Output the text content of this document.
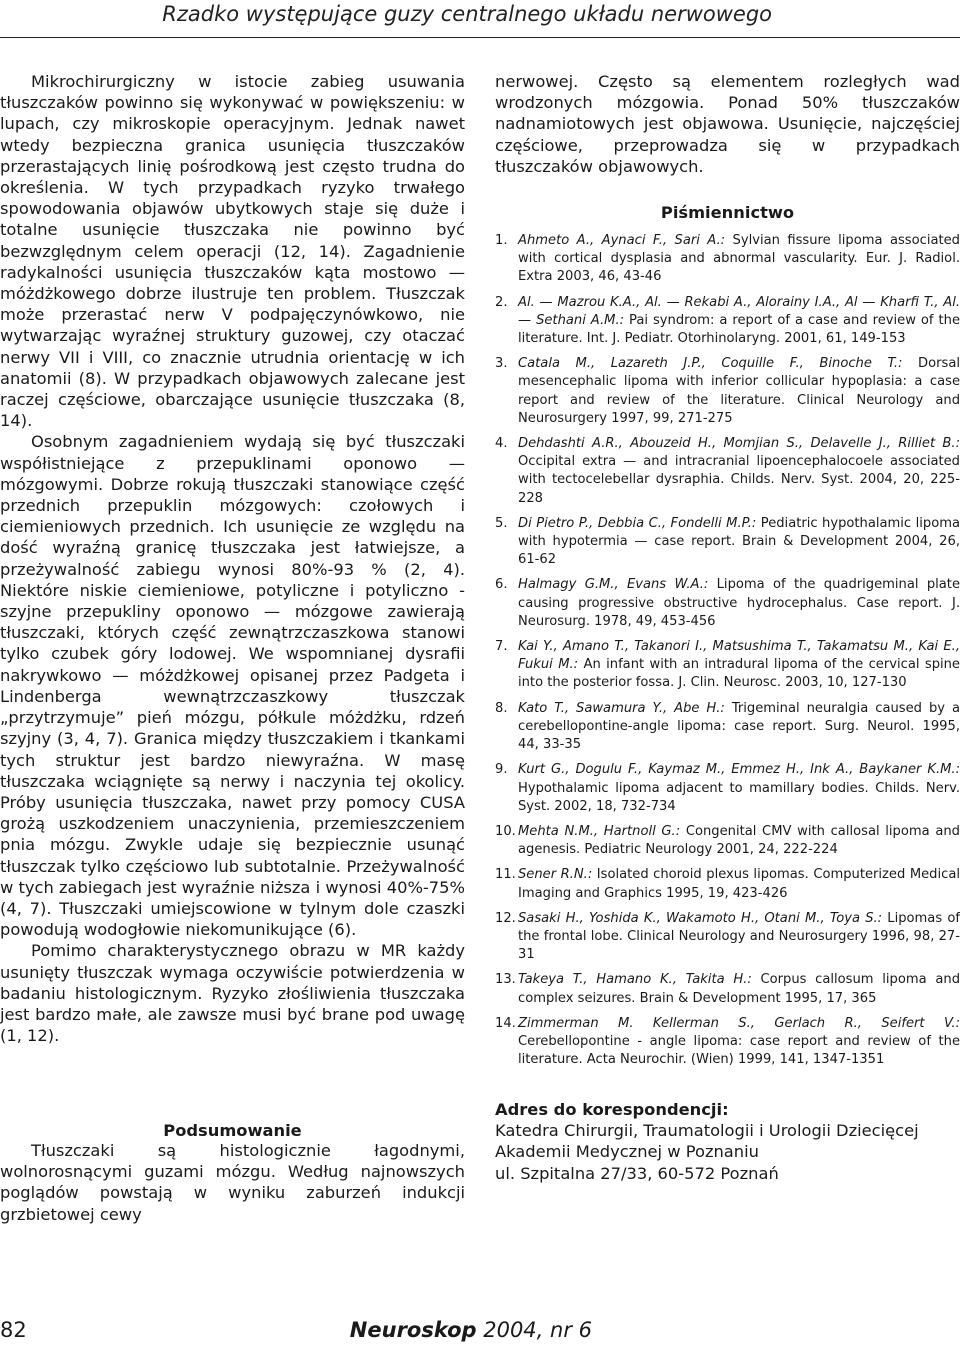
Rzadko występujące guzy centralnego układu nerwowego

Mikrochirurgiczny w istocie zabieg usuwania tłuszczaków powinno się wykonywać w powiększeniu: w lupach, czy mikroskopie operacyjnym. Jednak nawet wtedy bezpieczna granica usunięcia tłuszczaków przerastających linię pośrodkową jest często trudna do określenia. W tych przypadkach ryzyko trwałego spowodowania objawów ubytkowych staje się duże i totalne usunięcie tłuszczaka nie powinno być bezwzględnym celem operacji (12, 14). Zagadnienie radykalności usunięcia tłuszczaków kąta mostowo — móżdżkowego dobrze ilustruje ten problem. Tłuszczak może przerastać nerw V podpajęczynówkowo, nie wytwarzając wyraźnej struktury guzowej, czy otaczać nerwy VII i VIII, co znacznie utrudnia orientację w ich anatomii (8). W przypadkach objawowych zalecane jest raczej częściowe, obarczające usunięcie tłuszczaka (8, 14).

Osobnym zagadnieniem wydają się być tłuszczaki współistniejące z przepuklinami oponowo — mózgowymi. Dobrze rokują tłuszczaki stanowiące część przednich przepuklin mózgowych: czołowych i ciemieniowych przednich. Ich usunięcie ze względu na dość wyraźną granicę tłuszczaka jest łatwiejsze, a przeżywalność zabiegu wynosi 80%-93 % (2, 4). Niektóre niskie ciemieniowe, potyliczne i potyliczno - szyjne przepukliny oponowo — mózgowe zawierają tłuszczaki, których część zewnątrzczaszkowa stanowi tylko czubek góry lodowej. We wspomnianej dysrafii nakrywkowo — móżdżkowej opisanej przez Padgeta i Lindenberga wewnątrzczaszkowy tłuszczak „przytrzymuje” pień mózgu, półkule móżdżku, rdzeń szyjny (3, 4, 7). Granica między tłuszczakiem i tkankami tych struktur jest bardzo niewyraźna. W masę tłuszczaka wciągnięte są nerwy i naczynia tej okolicy. Próby usunięcia tłuszczaka, nawet przy pomocy CUSA grożą uszkodzeniem unaczynienia, przemieszczeniem pnia mózgu. Zwykle udaje się bezpiecznie usunąć tłuszczak tylko częściowo lub subtotalnie. Przeżywalność w tych zabiegach jest wyraźnie niższa i wynosi 40%-75% (4, 7). Tłuszczaki umiejscowione w tylnym dole czaszki powodują wodogłowie niekomunikujące (6).

Pomimo charakterystycznego obrazu w MR każdy usunięty tłuszczak wymaga oczywiście potwierdzenia w badaniu histologicznym. Ryzyko złośliwienia tłuszczaka jest bardzo małe, ale zawsze musi być brane pod uwagę (1, 12).

Podsumowanie

Tłuszczaki są histologicznie łagodnymi, wolnorosnącymi guzami mózgu. Według najnowszych poglądów powstają w wyniku zaburzeń indukcji grzbietowej cewy

nerwowej. Często są elementem rozległych wad wrodzonych mózgowia. Ponad 50% tłuszczaków nadnamiotowych jest objawowa. Usunięcie, najczęściej częściowe, przeprowadza się w przypadkach tłuszczaków objawowych.

Piśmiennictwo
1. Ahmeto A., Aynaci F., Sari A.: Sylvian fissure lipoma associated with cortical dysplasia and abnormal vascularity. Eur. J. Radiol. Extra 2003, 46, 43-46
2. Al. — Mazrou K.A., Al. — Rekabi A., Alorainy I.A., Al — Kharfi T., Al. — Sethani A.M.: Pai syndrom: a report of a case and review of the literature. Int. J. Pediatr. Otorhinolaryng. 2001, 61, 149-153
3. Catala M., Lazareth J.P., Coquille F., Binoche T.: Dorsal mesencephalic lipoma with inferior collicular hypoplasia: a case report and review of the literature. Clinical Neurology and Neurosurgery 1997, 99, 271-275
4. Dehdashti A.R., Abouzeid H., Momjian S., Delavelle J., Rilliet B.: Occipital extra — and intracranial lipoencephalocoele associated with tectocelebellar dysraphia. Childs. Nerv. Syst. 2004, 20, 225-228
5. Di Pietro P., Debbia C., Fondelli M.P.: Pediatric hypothalamic lipoma with hypotermia — case report. Brain & Development 2004, 26, 61-62
6. Halmagy G.M., Evans W.A.: Lipoma of the quadrigeminal plate causing progressive obstructive hydrocephalus. Case report. J. Neurosurg. 1978, 49, 453-456
7. Kai Y., Amano T., Takanori I., Matsushima T., Takamatsu M., Kai E., Fukui M.: An infant with an intradural lipoma of the cervical spine into the posterior fossa. J. Clin. Neurosc. 2003, 10, 127-130
8. Kato T., Sawamura Y., Abe H.: Trigeminal neuralgia caused by a cerebellopontine-angle lipoma: case report. Surg. Neurol. 1995, 44, 33-35
9. Kurt G., Dogulu F., Kaymaz M., Emmez H., Ink A., Baykaner K.M.: Hypothalamic lipoma adjacent to mamillary bodies. Childs. Nerv. Syst. 2002, 18, 732-734
10. Mehta N.M., Hartnoll G.: Congenital CMV with callosal lipoma and agenesis. Pediatric Neurology 2001, 24, 222-224
11. Sener R.N.: Isolated choroid plexus lipomas. Computerized Medical Imaging and Graphics 1995, 19, 423-426
12. Sasaki H., Yoshida K., Wakamoto H., Otani M., Toya S.: Lipomas of the frontal lobe. Clinical Neurology and Neurosurgery 1996, 98, 27-31
13. Takeya T., Hamano K., Takita H.: Corpus callosum lipoma and complex seizures. Brain & Development 1995, 17, 365
14. Zimmerman M. Kellerman S., Gerlach R., Seifert V.: Cerebellopontine - angle lipoma: case report and review of the literature. Acta Neurochir. (Wien) 1999, 141, 1347-1351
Adres do korespondencji:
Katedra Chirurgii, Traumatologii i Urologii Dziecięcej
Akademii Medycznej w Poznaniu
ul. Szpitalna 27/33, 60-572 Poznań
82	Neuroskop 2004, nr 6
